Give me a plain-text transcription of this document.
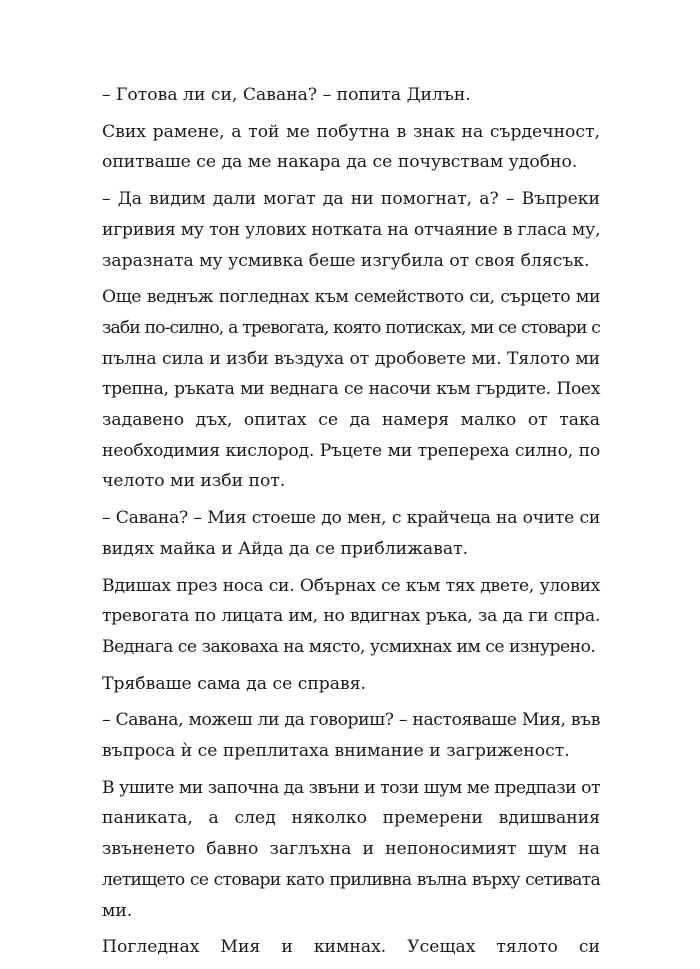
– Готова ли си, Савана? – попита Дилън.

Свих рамене, а той ме побутна в знак на сърдечност,
опитваше се да ме накара да се почувствам удобно.

– Да видим дали могат да ни помогнат, а? – Въпреки
игривия му тон улових нотката на отчаяние в гласа му,
заразната му усмивка беше изгубила от своя блясък.

Още веднъж погледнах към семейството си, сърцето ми
заби по-силно, а тревогата, която потисках, ми се стовари с
пълна сила и изби въздуха от дробовете ми. Тялото ми
трепна, ръката ми веднага се насочи към гърдите. Поех
задавено дъх, опитах се да намеря малко от така
необходимия кислород. Ръцете ми треперeха силно, по
челото ми изби пот.

– Савана? – Мия стоеше до мен, с крайчеца на очите си
видях майка и Айда да се приближават.

Вдишах през носа си. Обърнах се към тях двете, улових
тревогата по лицата им, но вдигнах ръка, за да ги спра.
Веднага се заковаха на място, усмихнах им се изнурено.

Трябваше сама да се справя.

– Савана, можеш ли да говориш? – настояваше Мия, във
въпроса ѝ се преплитаха внимание и загриженост.

В ушите ми започна да звъни и този шум ме предпази от
паниката, а след няколко премерени вдишвания
звъненето бавно заглъхна и непоносимият шум на
летището се стовари като приливна вълна върху сетивата
ми.

Погледнах Мия и кимнах. Усещах тялото си
